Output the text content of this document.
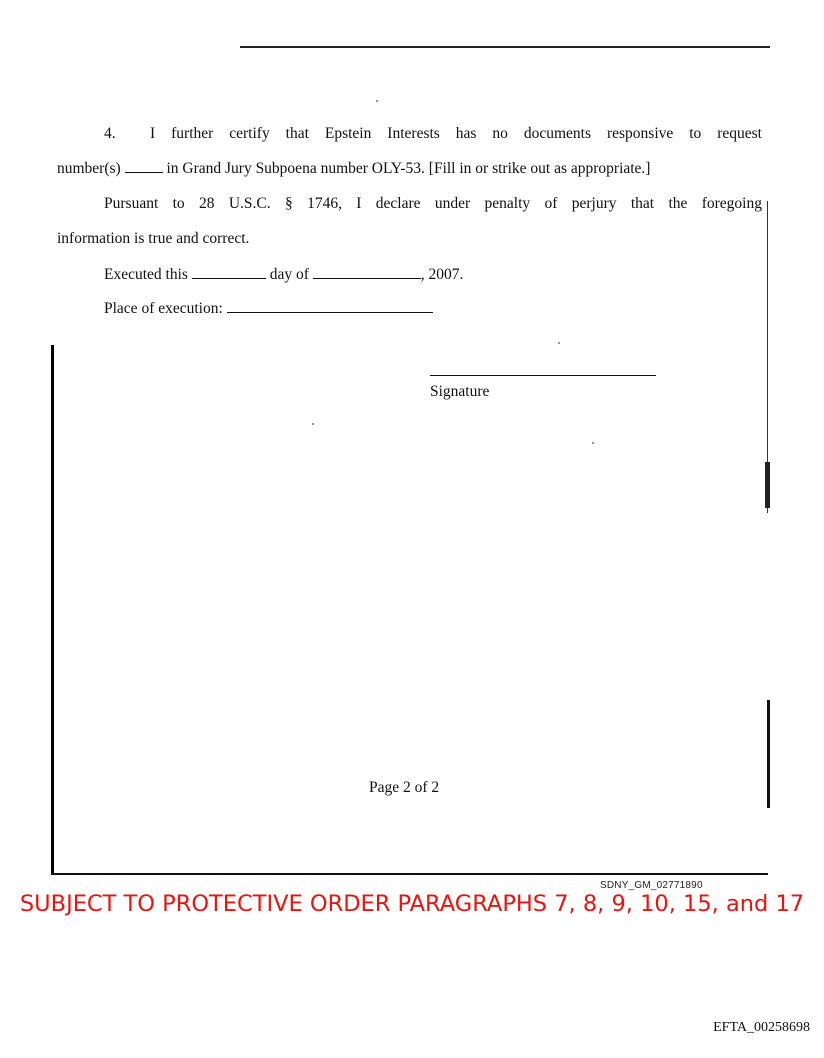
4. I further certify that Epstein Interests has no documents responsive to request
number(s)	in Grand Jury Subpoena number OLY-53. [Fill in or strike out as appropriate.]
Pursuant to 28 U.S.C. § 1746, I declare under penalty of perjury that the foregoing
information is true and correct.
Executed this	day of	, 2007.
Place of execution:
Signature
Page 2 of 2
SDNY_GM_02771890
SUBJECT TO PROTECTIVE ORDER PARAGRAPHS 7, 8, 9, 10, 15, and 17
EFTA_00258698
